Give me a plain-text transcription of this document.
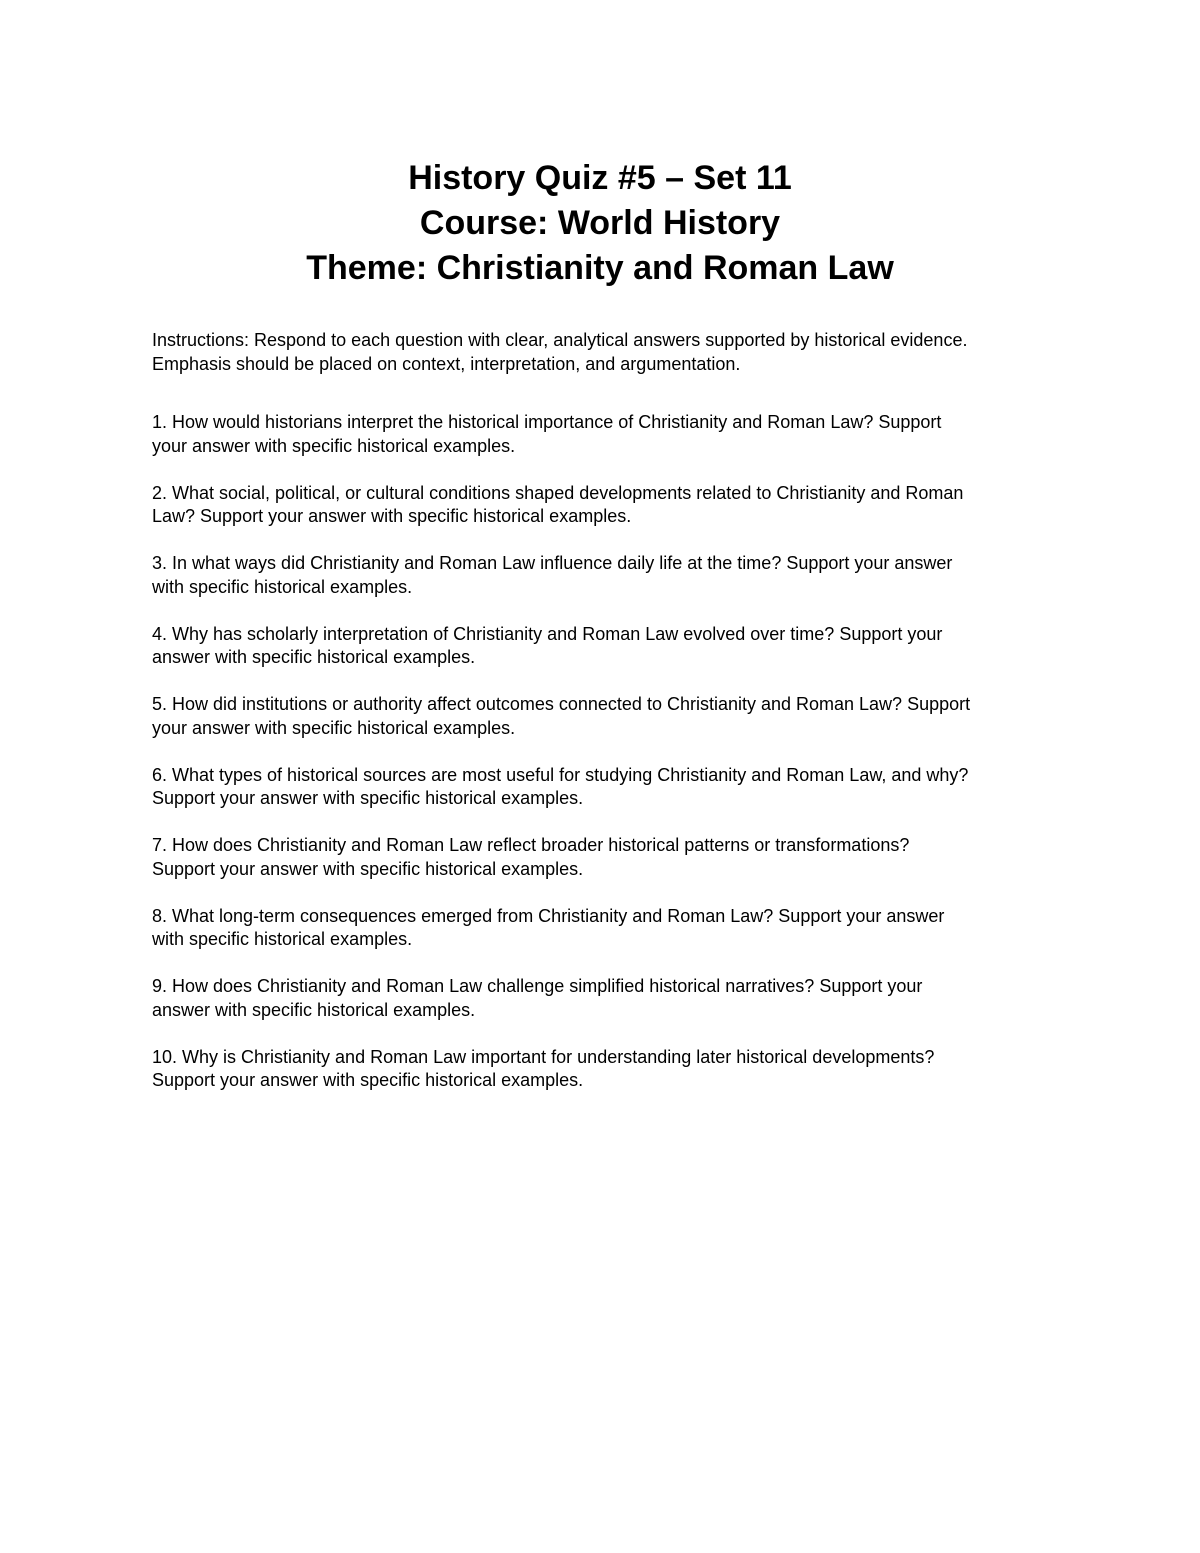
History Quiz #5 – Set 11

Course: World History

Theme: Christianity and Roman Law

Instructions: Respond to each question with clear, analytical answers supported by historical evidence.
Emphasis should be placed on context, interpretation, and argumentation.
1. How would historians interpret the historical importance of Christianity and Roman Law? Support
your answer with specific historical examples.
2. What social, political, or cultural conditions shaped developments related to Christianity and Roman
Law? Support your answer with specific historical examples.
3. In what ways did Christianity and Roman Law influence daily life at the time? Support your answer
with specific historical examples.
4. Why has scholarly interpretation of Christianity and Roman Law evolved over time? Support your
answer with specific historical examples.
5. How did institutions or authority affect outcomes connected to Christianity and Roman Law? Support
your answer with specific historical examples.
6. What types of historical sources are most useful for studying Christianity and Roman Law, and why?
Support your answer with specific historical examples.
7. How does Christianity and Roman Law reflect broader historical patterns or transformations?
Support your answer with specific historical examples.
8. What long-term consequences emerged from Christianity and Roman Law? Support your answer
with specific historical examples.
9. How does Christianity and Roman Law challenge simplified historical narratives? Support your
answer with specific historical examples.
10. Why is Christianity and Roman Law important for understanding later historical developments?
Support your answer with specific historical examples.
